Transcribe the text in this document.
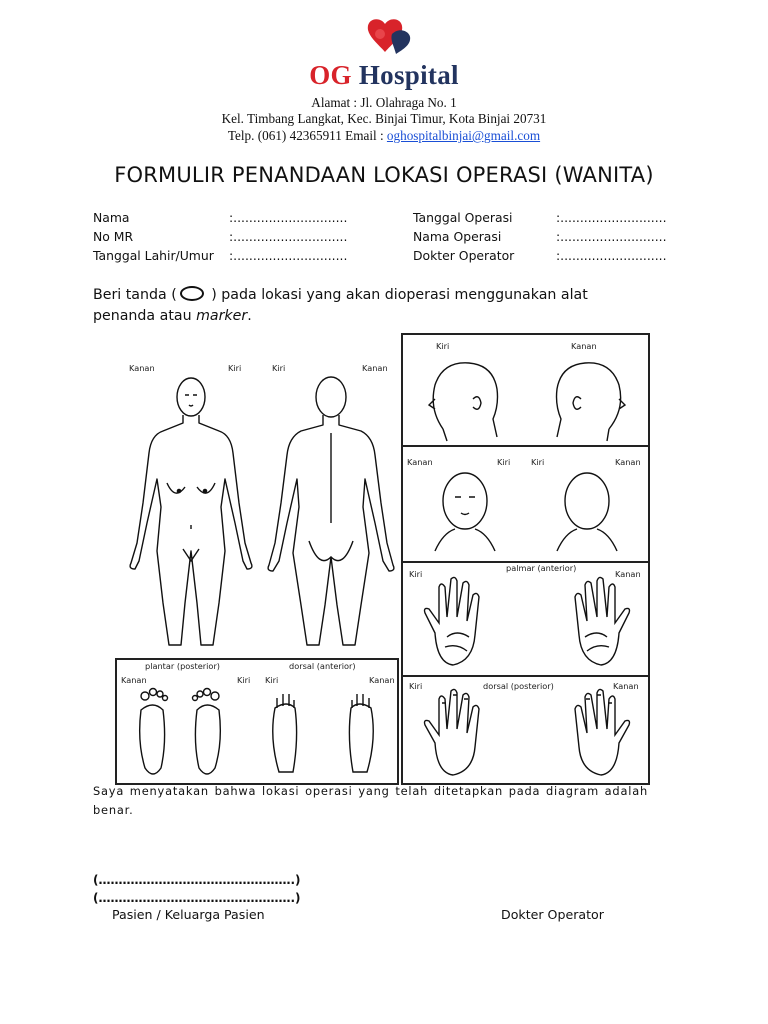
OG Hospital
Alamat : Jl. Olahraga No. 1
Kel. Timbang Langkat, Kec. Binjai Timur, Kota Binjai 20731
Telp. (061) 42365911 Email : oghospitalbinjai@gmail.com
FORMULIR PENANDAAN LOKASI OPERASI (WANITA)
Nama	:.............................
No MR	:.............................
Tanggal Lahir/Umur :.............................
Tanggal Operasi	:...........................
Nama Operasi	:...........................
Dokter Operator	:...........................
Beri tanda ( ) pada lokasi yang akan dioperasi menggunakan alat
penanda atau marker.
Kanan	Kiri	Kiri	Kanan
Kiri	Kanan
Kanan	Kiri	Kiri	Kanan
Kiri
palmar (anterior)
Kanan
Kiri	dorsal (posterior)	Kanan
plantar (posterior)	dorsal (anterior)
Kanan	Kiri Kiri	Kanan
Saya menyatakan bahwa lokasi operasi yang telah ditetapkan pada diagram adalah benar.
(………………………………………….)
(………………………………………….)
Pasien / Keluarga Pasien	Dokter Operator
